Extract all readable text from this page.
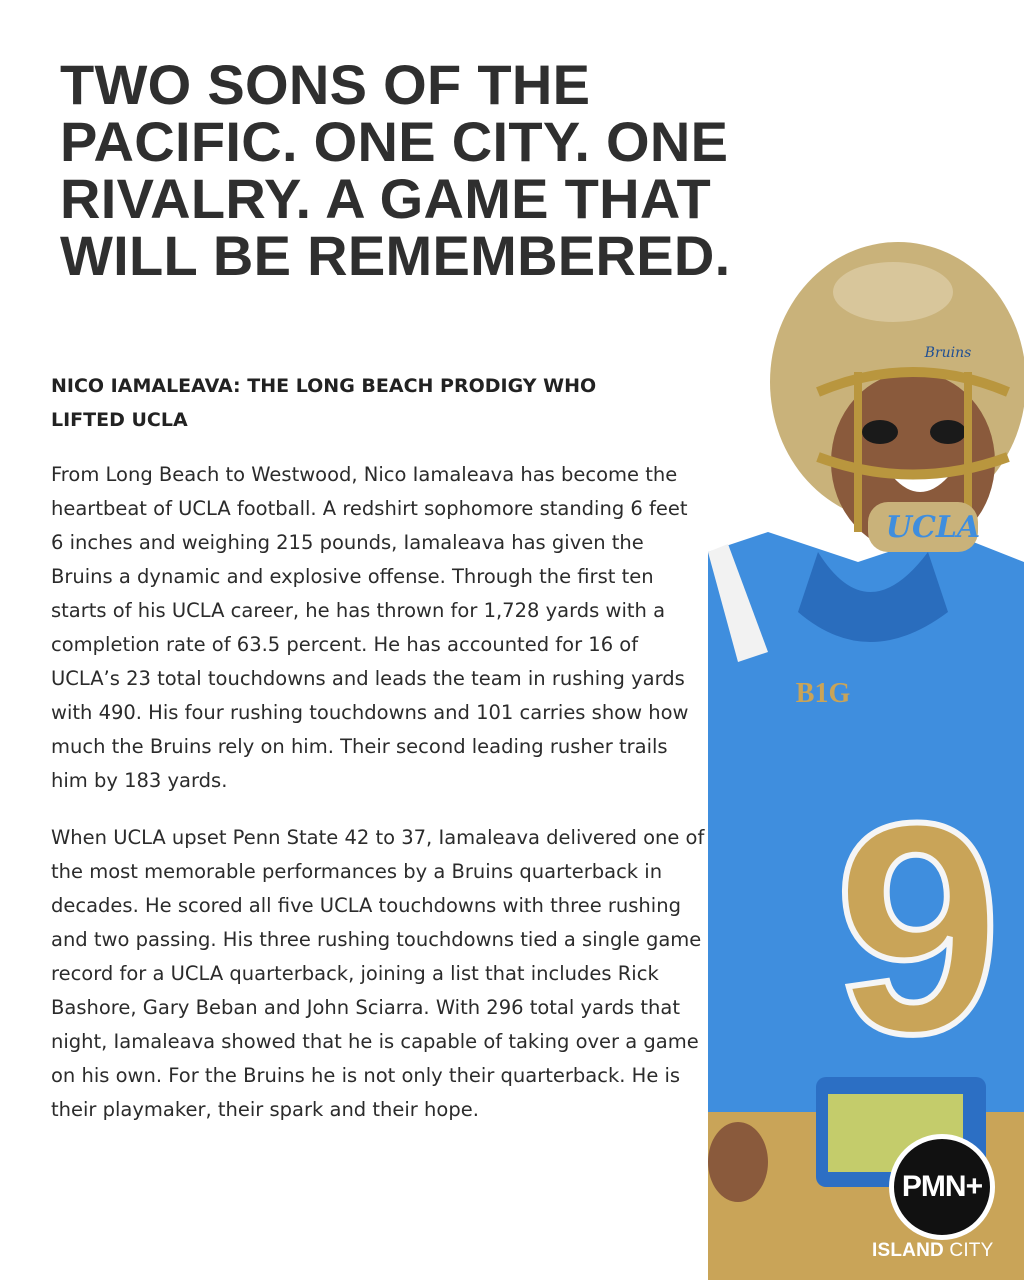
TWO SONS OF THE PACIFIC. ONE CITY. ONE RIVALRY. A GAME THAT WILL BE REMEMBERED.
NICO IAMALEAVA: THE LONG BEACH PRODIGY WHO LIFTED UCLA

From Long Beach to Westwood, Nico Iamaleava has become the heartbeat of UCLA football. A redshirt sophomore standing 6 feet 6 inches and weighing 215 pounds, Iamaleava has given the Bruins a dynamic and explosive offense. Through the first ten starts of his UCLA career, he has thrown for 1,728 yards with a completion rate of 63.5 percent. He has accounted for 16 of UCLA’s 23 total touchdowns and leads the team in rushing yards with 490. His four rushing touchdowns and 101 carries show how much the Bruins rely on him. Their second leading rusher trails him by 183 yards.

When UCLA upset Penn State 42 to 37, Iamaleava delivered one of the most memorable performances by a Bruins quarterback in decades. He scored all five UCLA touchdowns with three rushing and two passing. His three rushing touchdowns tied a single game record for a UCLA quarterback, joining a list that includes Rick Bashore, Gary Beban and John Sciarra. With 296 total yards that night, Iamaleava showed that he is capable of taking over a game on his own. For the Bruins he is not only their quarterback. He is their playmaker, their spark and their hope.

9
B1G
Bruins
UCLA
PMN+
ISLAND CITY
